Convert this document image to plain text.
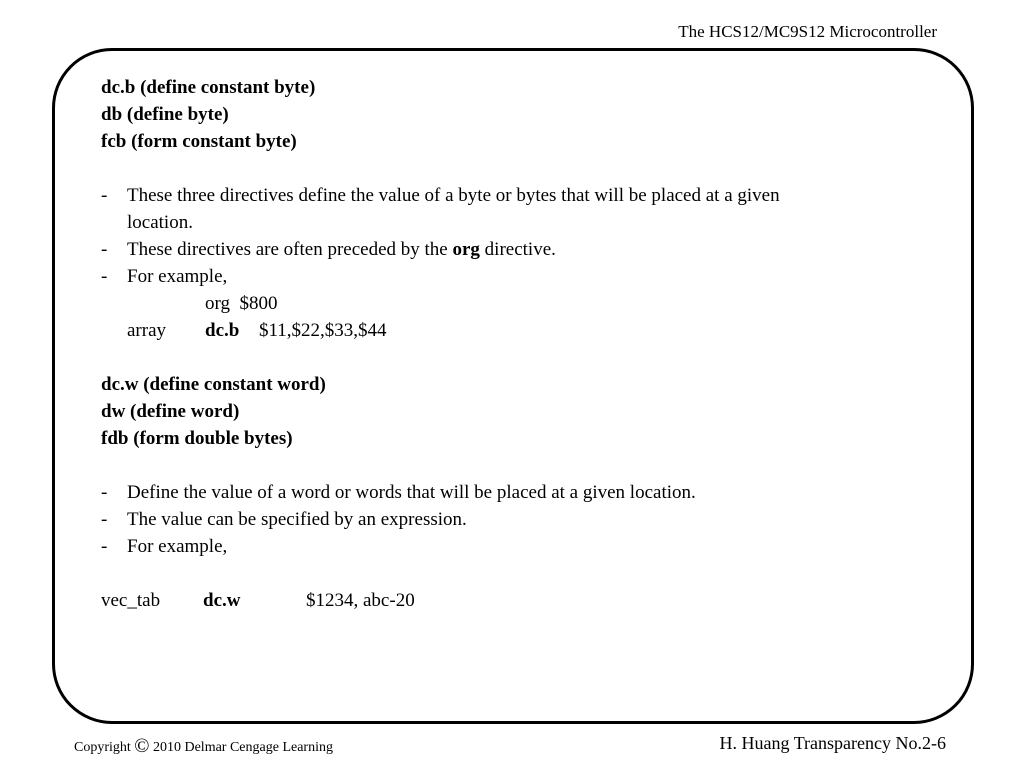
The HCS12/MC9S12 Microcontroller

dc.b (define constant byte)

db (define byte)

fcb (form constant byte)

- These three directives define the value of a byte or bytes that will be placed at a given

location.

- These directives are often preceded by the org directive.

- For example,

org  $800

array dc.b $11,$22,$33,$44

dc.w (define constant word)

dw (define word)

fdb (form double bytes)

- Define the value of a word or words that will be placed at a given location.

- The value can be specified by an expression.

- For example,

vec_tab dc.w	$1234, abc-20

Copyright © 2010 Delmar Cengage Learning	H. Huang Transparency No.2-6
